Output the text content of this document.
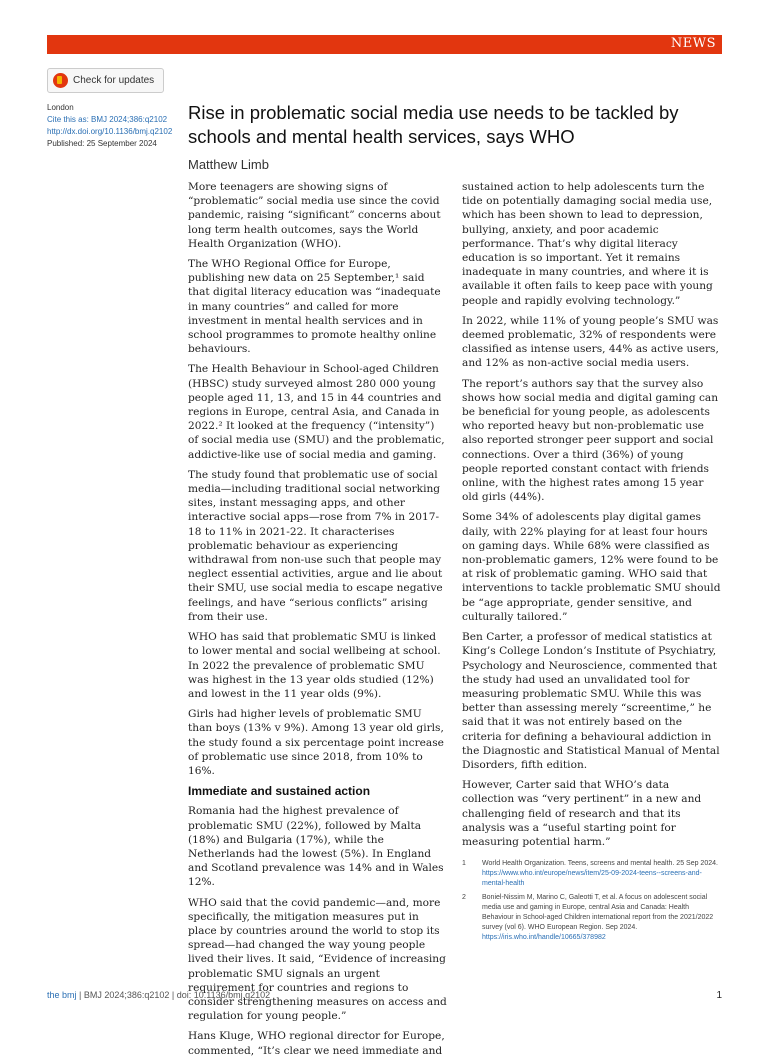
NEWS
Check for updates
London
Cite this as: BMJ 2024;386:q2102
http://dx.doi.org/10.1136/bmj.q2102
Published: 25 September 2024
Rise in problematic social media use needs to be tackled by schools and mental health services, says WHO
Matthew Limb

More teenagers are showing signs of “problematic” social media use since the covid pandemic, raising “significant” concerns about long term health outcomes, says the World Health Organization (WHO).

The WHO Regional Office for Europe, publishing new data on 25 September,¹ said that digital literacy education was “inadequate in many countries” and called for more investment in mental health services and in school programmes to promote healthy online behaviours.

The Health Behaviour in School-aged Children (HBSC) study surveyed almost 280 000 young people aged 11, 13, and 15 in 44 countries and regions in Europe, central Asia, and Canada in 2022.² It looked at the frequency (“intensity”) of social media use (SMU) and the problematic, addictive-like use of social media and gaming.

The study found that problematic use of social media—including traditional social networking sites, instant messaging apps, and other interactive social apps—rose from 7% in 2017-18 to 11% in 2021-22. It characterises problematic behaviour as experiencing withdrawal from non-use such that people may neglect essential activities, argue and lie about their SMU, use social media to escape negative feelings, and have “serious conflicts” arising from their use.

WHO has said that problematic SMU is linked to lower mental and social wellbeing at school. In 2022 the prevalence of problematic SMU was highest in the 13 year olds studied (12%) and lowest in the 11 year olds (9%).

Girls had higher levels of problematic SMU than boys (13% v 9%). Among 13 year old girls, the study found a six percentage point increase of problematic use since 2018, from 10% to 16%.

Immediate and sustained action

Romania had the highest prevalence of problematic SMU (22%), followed by Malta (18%) and Bulgaria (17%), while the Netherlands had the lowest (5%). In England and Scotland prevalence was 14% and in Wales 12%.

WHO said that the covid pandemic—and, more specifically, the mitigation measures put in place by countries around the world to stop its spread—had changed the way young people lived their lives. It said, “Evidence of increasing problematic SMU signals an urgent requirement for countries and regions to consider strengthening measures on access and regulation for young people.”

Hans Kluge, WHO regional director for Europe, commented, “It’s clear we need immediate and

sustained action to help adolescents turn the tide on potentially damaging social media use, which has been shown to lead to depression, bullying, anxiety, and poor academic performance. That’s why digital literacy education is so important. Yet it remains inadequate in many countries, and where it is available it often fails to keep pace with young people and rapidly evolving technology.”

In 2022, while 11% of young people’s SMU was deemed problematic, 32% of respondents were classified as intense users, 44% as active users, and 12% as non-active social media users.

The report’s authors say that the survey also shows how social media and digital gaming can be beneficial for young people, as adolescents who reported heavy but non-problematic use also reported stronger peer support and social connections. Over a third (36%) of young people reported constant contact with friends online, with the highest rates among 15 year old girls (44%).

Some 34% of adolescents play digital games daily, with 22% playing for at least four hours on gaming days. While 68% were classified as non-problematic gamers, 12% were found to be at risk of problematic gaming. WHO said that interventions to tackle problematic SMU should be “age appropriate, gender sensitive, and culturally tailored.”

Ben Carter, a professor of medical statistics at King’s College London’s Institute of Psychiatry, Psychology and Neuroscience, commented that the study had used an unvalidated tool for measuring problematic SMU. While this was better than assessing merely “screentime,” he said that it was not entirely based on the criteria for defining a behavioural addiction in the Diagnostic and Statistical Manual of Mental Disorders, fifth edition.

However, Carter said that WHO’s data collection was “very pertinent” in a new and challenging field of research and that its analysis was a “useful starting point for measuring potential harm.”

1	World Health Organization. Teens, screens and mental health. 25 Sep 2024. https://www.who.int/europe/news/item/25-09-2024-teens--screens-and-mental-health
2	Boniel-Nissim M, Marino C, Galeotti T, et al. A focus on adolescent social media use and gaming in Europe, central Asia and Canada: Health Behaviour in School-aged Children international report from the 2021/2022 survey (vol 6). WHO European Region. Sep 2024. https://iris.who.int/handle/10665/378982
the bmj | BMJ 2024;386:q2102 | doi: 10.1136/bmj.q2102	1
